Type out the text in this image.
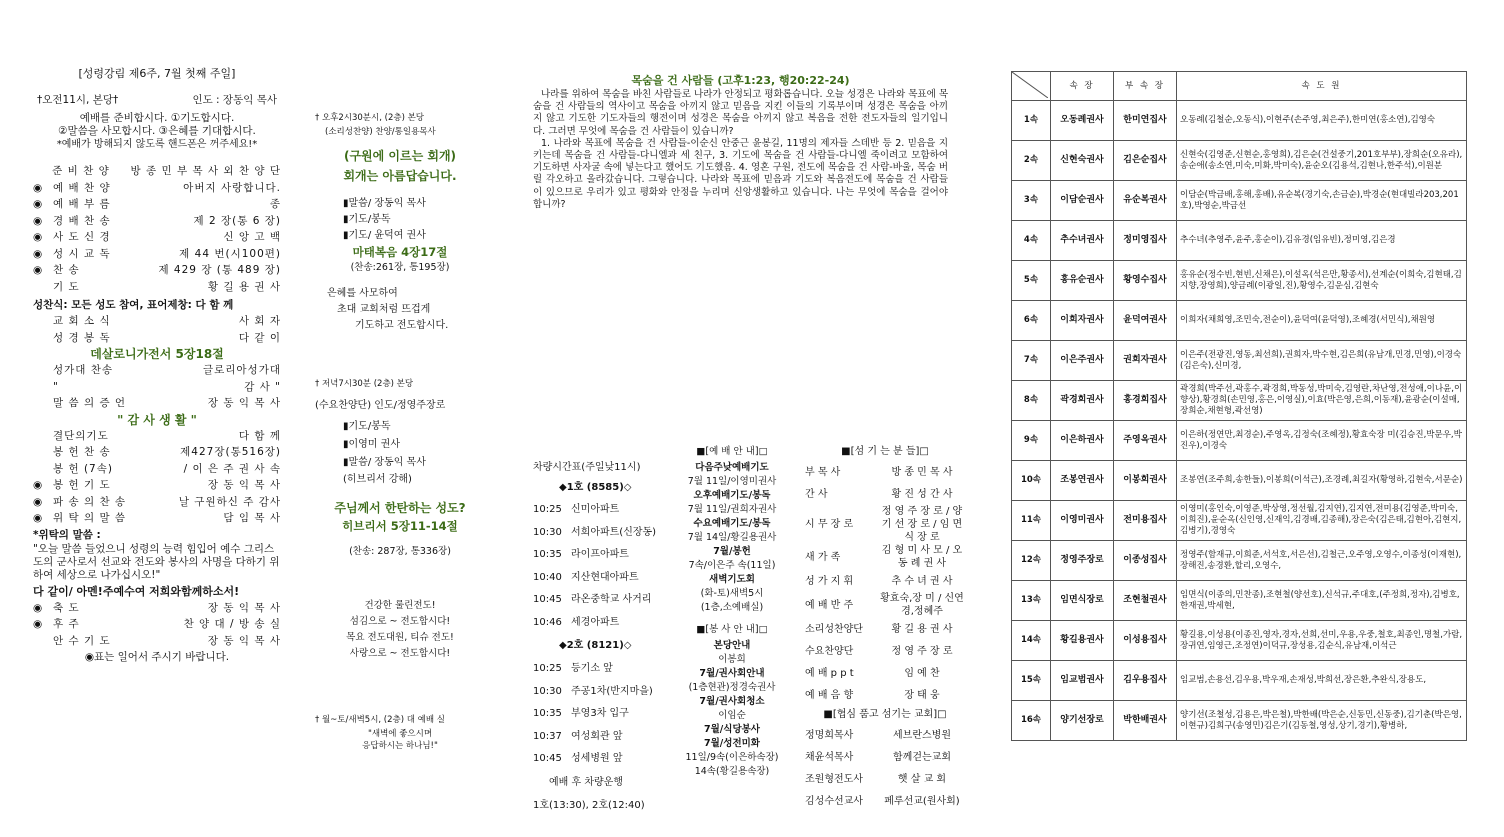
[성령강림 제6주, 7월 첫째 주일]
†오전11시, 본당†	인도 : 장동익 목사
예배를 준비합시다. ①기도합시다.
②말씀을 사모합시다. ③은혜를 기대합시다.
*예배가 방해되지 않도록 핸드폰은 꺼주세요!*
준 비 찬 양	방 종 민 부 목 사 외 찬 양 단
◉	예 배 찬 양	아버지 사랑합니다.
◉	예 배 부 름	종
◉	경 배 찬 송	제 2 장(통 6 장)
◉	사 도 신 경	신 앙 고 백
◉	성 시 교 독	제 44 번(시100편)
◉	찬 송	제 429 장 (통 489 장)
기 도	황 길 용 권 사
성찬식: 모든 성도 참여, 표어제창: 다 함 께
교 회 소 식	사 회 자
성 경 봉 독	다 같 이
데살로니가전서 5장18절
성가대 찬송	글로리아성가대
"	감 사 "
말 씀 의 증 언	장 동 익 목 사
" 감 사 생 활 "
결단의기도	다 함 께
봉 헌 찬 송	제427장(통516장)
봉 헌 (7속)	/ 이 은 주 권 사 속
◉	봉 헌 기 도	장 동 익 목 사
◉	파 송 의 찬 송	날 구원하신 주 감사
◉	위 탁 의 말 씀	담 임 목 사
*위탁의 말씀 :
"오늘 말씀 들었으니 성령의 능력 힘입어 예수 그리스도의 군사로서 선교와 전도와 봉사의 사명을 다하기 위하여 세상으로 나가십시오!"
다 같이/ 아멘!주예수여 저희와함께하소서!
◉	축 도	장 동 익 목 사
◉	후 주	찬 양 대 / 방 송 실
안 수 기 도	장 동 익 목 사
◉표는 일어서 주시기 바랍니다.
† 오후2시30분시, (2층) 본당
(소리성찬양) 찬양/통일용목사
(구원에 이르는 회개)
회개는 아름답습니다.
▮말씀/ 장동익 목사
▮기도/봉독
▮기도/ 윤덕여 권사
마태복음 4장17절
(찬송:261장, 통195장)
은혜를 사모하여
초대 교회처럼 뜨겁게
기도하고 전도합시다.
† 저녁7시30분 (2층) 본당
(수요찬양단) 인도/정영주장로
▮기도/봉독
▮이영미 권사
▮말씀/ 장동익 목사
(히브리서 강해)
주님께서 한탄하는 성도?
히브리서 5장11-14절
(찬송: 287장, 통336장)
건강한 룰린전도!
섬김으로 ~ 전도합시다!
목요 전도대원, 티슈 전도!
사랑으로 ~ 전도합시다!
† 월~토/새벽5시, (2층) 대 예배 실
"새벽에 좋으시며
응답하시는 하나님!"
목숨을 건 사람들 (고후1:23, 행20:22-24)
나라를 위하여 목숨을 바친 사람들로 나라가 안정되고 평화롭습니다. 오늘 성경은 나라와 목표에 목숨을 건 사람들의 역사이고 목숨을 아끼지 않고 믿음을 지킨 이들의 기록부이며 성경은 목숨을 아끼지 않고 기도한 기도자들의 행전이며 성경은 목숨을 아끼지 않고 복음을 전한 전도자들의 일기입니다. 그러면 무엇에 목숨을 건 사람들이 있습니까?
1. 나라와 목표에 목숨을 건 사람들-이순신 안중근 윤봉길, 11명의 제자들 스데반 등 2. 믿음을 지키는데 목숨을 건 사람들-다니엘과 세 친구, 3. 기도에 목숨을 건 사람들-다니엘 죽이려고 모함하여 기도하면 사자굴 속에 넣는다고 했어도 기도했음. 4. 영혼 구원, 전도에 목숨을 건 사람-바울, 목숨 버릴 각오하고 올라갔습니다. 그렇습니다. 나라와 목표에 믿음과 기도와 복음전도에 목숨을 건 사람들이 있으므로 우리가 있고 평화와 안정을 누리며 신앙생활하고 있습니다. 나는 무엇에 목숨을 걸어야 합니까?
차량시간표(주일낮11시)
◆1호 (8585)◇
10:25 신미아파트
10:30 서희아파트(신장동)
10:35 라이프아파트
10:40 지산현대아파트
10:45 라온중학교 사거리
10:46 세경아파트
◆2호 (8121)◇
10:25 등기소 앞
10:30 주공1차(반지마을)
10:35 부영3차 입구
10:37 여성회관 앞
10:45 성세병원 앞
예배 후 차량운행
1호(13:30), 2호(12:40)
■[예 배 안 내]□
다음주낮예배기도
7월 11일/이영미권사
오후예배기도/봉독
7월 11일/권희자권사
수요예배기도/봉독
7월 14일/황길용권사
7월/봉헌
7속/이은주 속(11일)
새벽기도회
(화-토)새벽5시
(1층,소예배실)
■[봉 사 안 내]□
본당안내
이봉희
7월/권사회안내
(1층현관)정경숙권사
7월/권사회청소
이임순
7월/식당봉사
7월/성전미화
11일/9속(이은하속장)
14속(황길용속장)
■[섬 기 는 분 들]□
부 목 사	방 종 민 목 사
간 사	황 진 성 간 사
시 무 장 로
정 영 주 장 로 / 양 기 선 장 로 / 임 면 식 장 로
새 가 족
김 형 미 사 모 / 오 동 례 권 사
성 가 지 휘	추 수 녀 권 사
예 배 반 주
황효숙,장 미 / 신연경,정혜주
소리성찬양단	황 길 용 권 사
수요찬양단	정 영 주 장 로
예 배 p p t	임 예 찬
예 배 음 향	장 태 웅
■[협심 품고 섬기는 교회]□
정명희목사	세브란스병원
채윤석목사	함께걷는교회
조원형전도사	햇 살 교 회
김성수선교사	페루선교(원사회)
	속 장	부 속 장	속 도 원
1속	오동례권사	한미연집사	오동례(김철순,오동식),이현주(손주영,최은주),한미연(홍소연),김영숙
2속	신현숙권사	김은순집사	신현숙(김영준,신현순,홍영희),김은순(건설중기,201호부부),장희순(오유라),송순애(송소연,미숙,미화,박미숙),윤순오(김용석,김현나,한주석),이원분
3속	이담순권사	유순복권사	이담순(박금배,홍해,홍배),유순복(경기숙,손금순),박경순(현대빌라203,201호),박영순,박금선
4속	추수녀권사	정미영집사	추수녀(추영주,윤주,홍순이),김유경(임유빈),정미영,김은경
5속	홍유순권사	황영수집사	홍유순(정수빈,현빈,신채은),이설옥(석은만,황종서),선계순(이희숙,김현태,김지향,장영희),양금례(이광일,진),황영수,김운심,김현숙
6속	이희자권사	윤덕여권사	이희자(채희영,조민숙,전순이),윤덕여(윤덕영),조혜경(서민식),채원영
7속	이은주권사	권희자권사	이은주(전광진,영동,최선희),권희자,박수현,김은희(유남개,민경,민영),이경숙(김은숙),신미경,
8속	곽경희권사	홍경희집사	곽경희(박주선,곽홍수,곽경희,박동성,박미숙,김영란,차난영,전성애,이나윤,이향상),황경희(손민영,홍은,이영실),이효(박은영,은희,이동재),윤광순(이설매,장희순,채현형,곽선영)
9속	이은하권사	주영옥권사	이은하(정연만,최경순),주영옥,김정숙(조혜정),황효숙장 미(김승진,박문우,박진우),이경숙
10속	조봉연권사	이봉희권사	조봉연(조주희,송한들),이봉희(이석근),조경례,최길자(황영하,김현숙,서문순)
11속	이영미권사	전미용집사	이영미(홍인숙,이영준,박상영,정선월,김지연),김지연,전미용(김영준,박미숙,이희진),윤순옥(신인영,신재익,김경배,김종해),장은숙(김은태,김현아,김현지,김병기),경영숙
12속	정영주장로	이종성집사	정영주(함재규,이희준,서석호,서은선),김철근,오주영,오영수,이종성(이재현),장해진,송경환,할리,오영수,
13속	임면식장로	조현철권사	임면식(이종의,민찬종),조현철(양선호),신석규,주대호,(주정희,정자),김병호,한재권,박세현,
14속	황길용권사	이성용집사	황길용,이성용(이종진,영자,경자,선희,선미,우용,우중,철호,최종인,명철,가람,장귀연,임영근,조정연)이덕규,장성용,김순식,유남재,이석근
15속	임교범권사	김우용집사	임교범,손용선,김우용,박우재,손재성,박희선,장은환,추완식,장용도,
16속	양기선장로	박한배권사	양기선(조철성,김용은,박은철),박한배(박은순,신동민,신동중),김기춘(박은영,이현규)김희구(송영민)김은기(김동철,영성,상기,경기),황병하,
